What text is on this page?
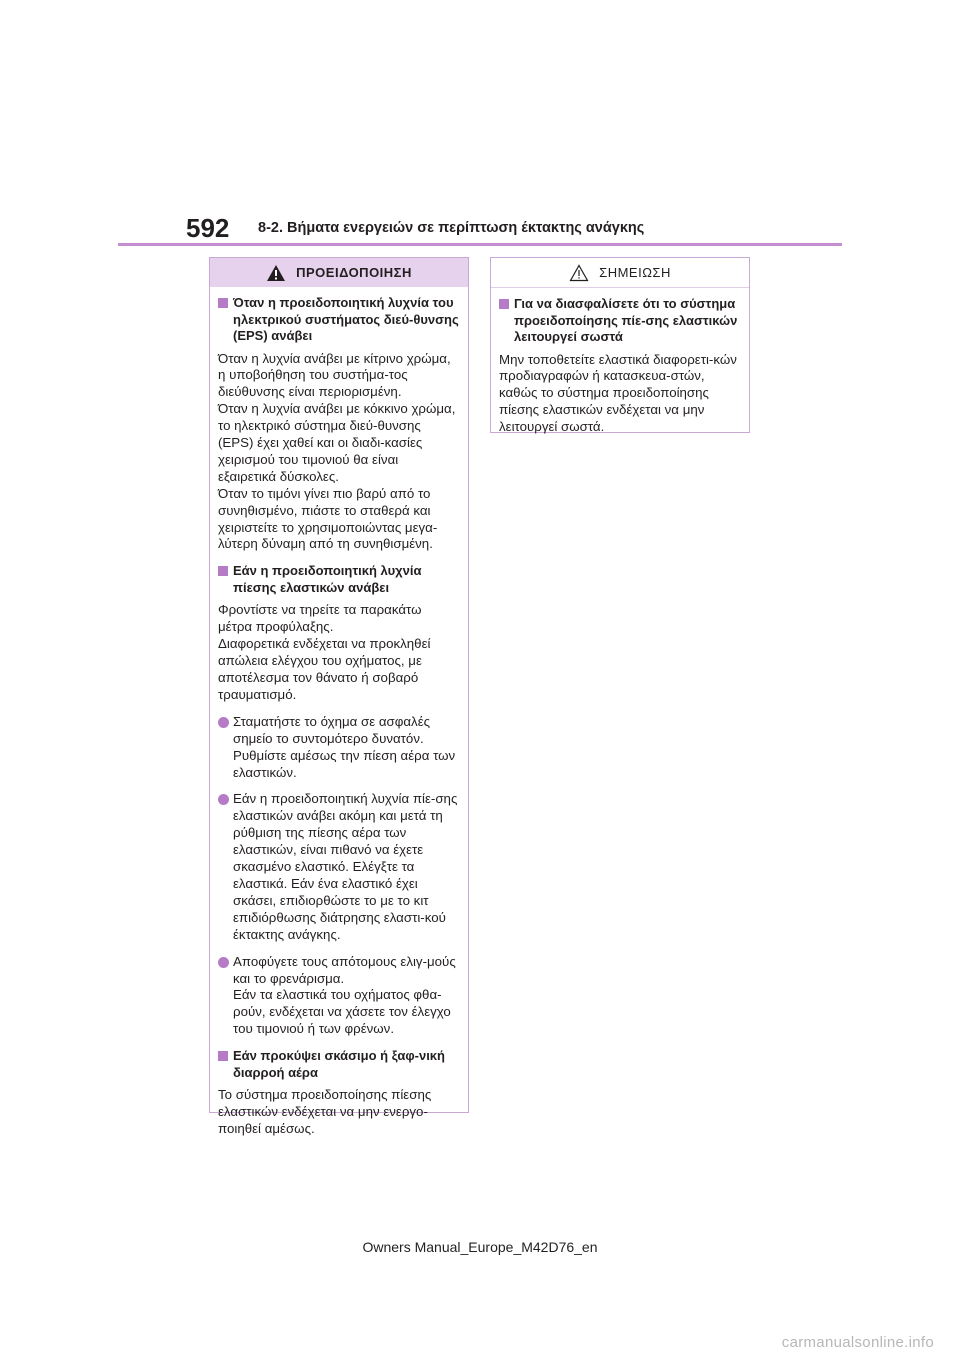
592 8-2. Βήματα ενεργειών σε περίπτωση έκτακτης ανάγκης
ΠΡΟΕΙΔΟΠΟΙΗΣΗ
Όταν η προειδοποιητική λυχνία του ηλεκτρικού συστήματος διεύ-θυνσης (EPS) ανάβει

Όταν η λυχνία ανάβει με κίτρινο χρώμα, η υποβοήθηση του συστήμα-τος διεύθυνσης είναι περιορισμένη.
Όταν η λυχνία ανάβει με κόκκινο χρώμα, το ηλεκτρικό σύστημα διεύ-θυνσης (EPS) έχει χαθεί και οι διαδι-κασίες χειρισμού του τιμονιού θα είναι εξαιρετικά δύσκολες.
Όταν το τιμόνι γίνει πιο βαρύ από το συνηθισμένο, πιάστε το σταθερά και χειριστείτε το χρησιμοποιώντας μεγα-λύτερη δύναμη από τη συνηθισμένη.

Εάν η προειδοποιητική λυχνία πίεσης ελαστικών ανάβει

Φροντίστε να τηρείτε τα παρακάτω μέτρα προφύλαξης.
Διαφορετικά ενδέχεται να προκληθεί απώλεια ελέγχου του οχήματος, με αποτέλεσμα τον θάνατο ή σοβαρό τραυματισμό.

Σταματήστε το όχημα σε ασφαλές σημείο το συντομότερο δυνατόν. Ρυθμίστε αμέσως την πίεση αέρα των ελαστικών.
Εάν η προειδοποιητική λυχνία πίε-σης ελαστικών ανάβει ακόμη και μετά τη ρύθμιση της πίεσης αέρα των ελαστικών, είναι πιθανό να έχετε σκασμένο ελαστικό. Ελέγξτε τα ελαστικά. Εάν ένα ελαστικό έχει σκάσει, επιδιορθώστε το με το κιτ επιδιόρθωσης διάτρησης ελαστι-κού έκτακτης ανάγκης.
Αποφύγετε τους απότομους ελιγ-μούς και το φρενάρισμα.
Εάν τα ελαστικά του οχήματος φθα-ρούν, ενδέχεται να χάσετε τον έλεγχο του τιμονιού ή των φρένων.
Εάν προκύψει σκάσιμο ή ξαφ-νική διαρροή αέρα

Το σύστημα προειδοποίησης πίεσης ελαστικών ενδέχεται να μην ενεργο-ποιηθεί αμέσως.

ΣΗΜΕΙΩΣΗ
Για να διασφαλίσετε ότι το σύστημα προειδοποίησης πίε-σης ελαστικών λειτουργεί σωστά

Μην τοποθετείτε ελαστικά διαφορετι-κών προδιαγραφών ή κατασκευα-στών, καθώς το σύστημα προειδοποίησης πίεσης ελαστικών ενδέχεται να μην λειτουργεί σωστά.

Owners Manual_Europe_M42D76_en
carmanualsonline.info
